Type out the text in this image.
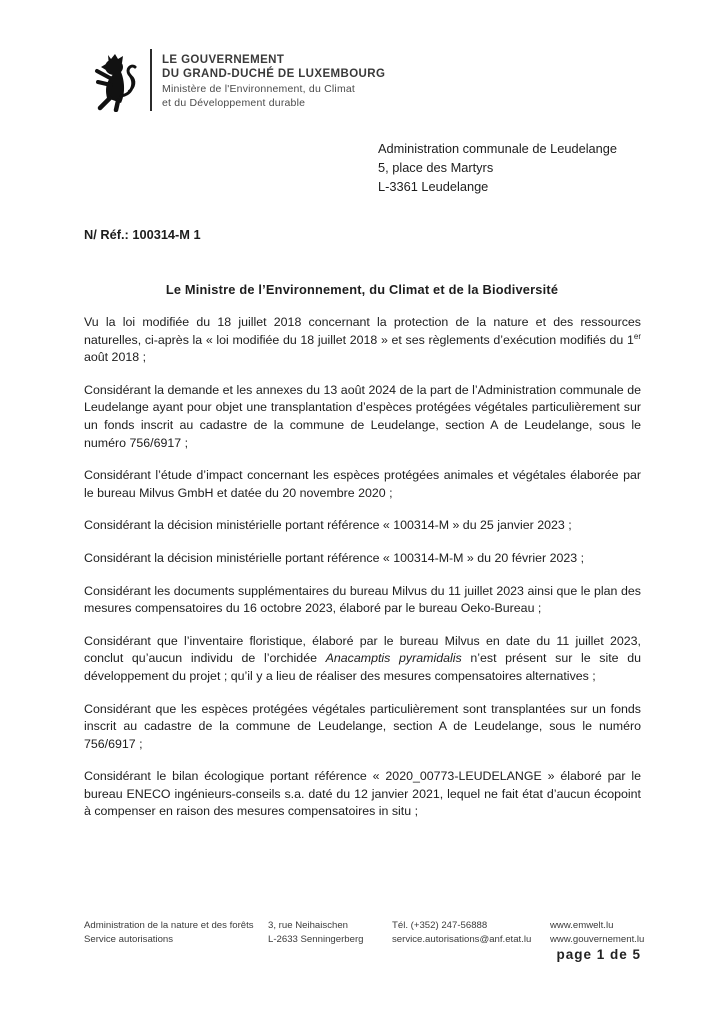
LE GOUVERNEMENT
DU GRAND-DUCHÉ DE LUXEMBOURG
Ministère de l'Environnement, du Climat
et du Développement durable
Administration communale de Leudelange
5, place des Martyrs
L-3361 Leudelange
N/ Réf.: 100314-M 1
Le Ministre de l’Environnement, du Climat et de la Biodiversité

Vu la loi modifiée du 18 juillet 2018 concernant la protection de la nature et des ressources naturelles, ci-après la « loi modifiée du 18 juillet 2018 » et ses règlements d’exécution modifiés du 1er août 2018 ;

Considérant la demande et les annexes du 13 août 2024 de la part de l’Administration communale de Leudelange ayant pour objet une transplantation d’espèces protégées végétales particulièrement sur un fonds inscrit au cadastre de la commune de Leudelange, section A de Leudelange, sous le numéro 756/6917 ;

Considérant l’étude d’impact concernant les espèces protégées animales et végétales élaborée par le bureau Milvus GmbH et datée du 20 novembre 2020 ;

Considérant la décision ministérielle portant référence « 100314-M » du 25 janvier 2023 ;

Considérant la décision ministérielle portant référence « 100314-M-M » du 20 février 2023 ;

Considérant les documents supplémentaires du bureau Milvus du 11 juillet 2023 ainsi que le plan des mesures compensatoires du 16 octobre 2023, élaboré par le bureau Oeko-Bureau ;

Considérant que l’inventaire floristique, élaboré par le bureau Milvus en date du 11 juillet 2023, conclut qu’aucun individu de l’orchidée Anacamptis pyramidalis n’est présent sur le site du développement du projet ; qu’il y a lieu de réaliser des mesures compensatoires alternatives ;

Considérant que les espèces protégées végétales particulièrement sont transplantées sur un fonds inscrit au cadastre de la commune de Leudelange, section A de Leudelange, sous le numéro 756/6917 ;

Considérant le bilan écologique portant référence « 2020_00773-LEUDELANGE » élaboré par le bureau ENECO ingénieurs-conseils s.a. daté du 12 janvier 2021, lequel ne fait état d’aucun écopoint à compenser en raison des mesures compensatoires in situ ;

Administration de la nature et des forêts
Service autorisations
3, rue Neihaischen
L-2633 Senningerberg
Tél. (+352) 247-56888
service.autorisations@anf.etat.lu
www.emwelt.lu
www.gouvernement.lu
page 1 de 5
